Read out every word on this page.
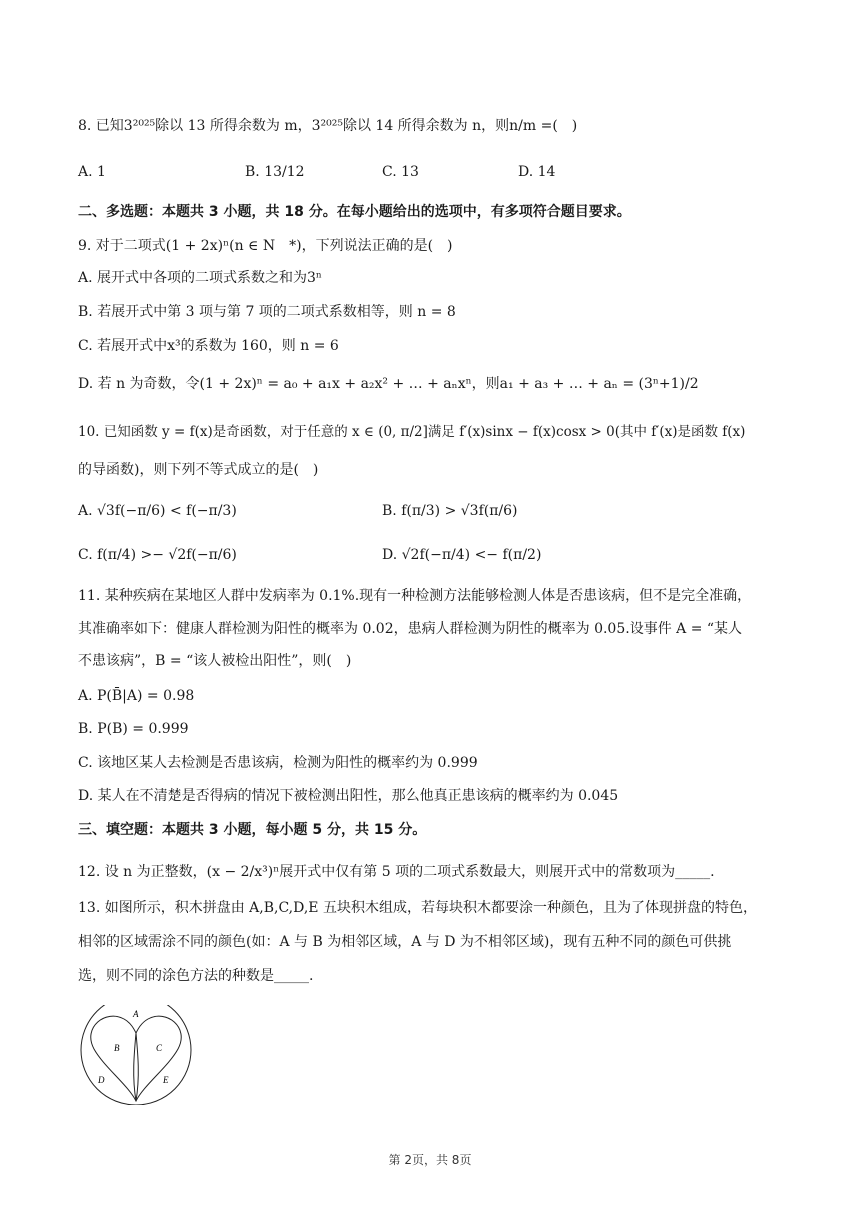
8. 已知3²⁰²⁵除以 13 所得余数为 m，3²⁰²⁵除以 14 所得余数为 n，则n/m =(　)
A. 1	B. 13/12	C. 13	D. 14
二、多选题：本题共 3 小题，共 18 分。在每小题给出的选项中，有多项符合题目要求。
9. 对于二项式(1 + 2x)ⁿ(n ∈ N　*)，下列说法正确的是(　)
A. 展开式中各项的二项式系数之和为3ⁿ
B. 若展开式中第 3 项与第 7 项的二项式系数相等，则 n = 8
C. 若展开式中x³的系数为 160，则 n = 6
D. 若 n 为奇数，令(1 + 2x)ⁿ = a₀ + a₁x + a₂x² + … + aₙxⁿ，则a₁ + a₃ + … + aₙ = (3ⁿ+1)/2
10. 已知函数 y = f(x)是奇函数，对于任意的 x ∈ (0, π/2]满足 f′(x)sinx − f(x)cosx > 0(其中 f′(x)是函数 f(x)
的导函数)，则下列不等式成立的是(　)
A. √3f(−π/6) < f(−π/3)	B. f(π/3) > √3f(π/6)
C. f(π/4) >− √2f(−π/6)	D. √2f(−π/4) <− f(π/2)
11. 某种疾病在某地区人群中发病率为 0.1%.现有一种检测方法能够检测人体是否患该病，但不是完全准确，
其准确率如下：健康人群检测为阳性的概率为 0.02，患病人群检测为阴性的概率为 0.05.设事件 A = “某人
不患该病”，B = “该人被检出阳性”，则(　)
A. P(B̄|A) = 0.98
B. P(B) = 0.999
C. 该地区某人去检测是否患该病，检测为阳性的概率约为 0.999
D. 某人在不清楚是否得病的情况下被检测出阳性，那么他真正患该病的概率约为 0.045
三、填空题：本题共 3 小题，每小题 5 分，共 15 分。
12. 设 n 为正整数，(x − 2/x³)ⁿ展开式中仅有第 5 项的二项式系数最大，则展开式中的常数项为_____.
13. 如图所示，积木拼盘由 A,B,C,D,E 五块积木组成，若每块积木都要涂一种颜色，且为了体现拼盘的特色，
相邻的区域需涂不同的颜色(如：A 与 B 为相邻区域，A 与 D 为不相邻区域)，现有五种不同的颜色可供挑
选，则不同的涂色方法的种数是_____.
A
B	C
D	E
第 2页，共 8页
